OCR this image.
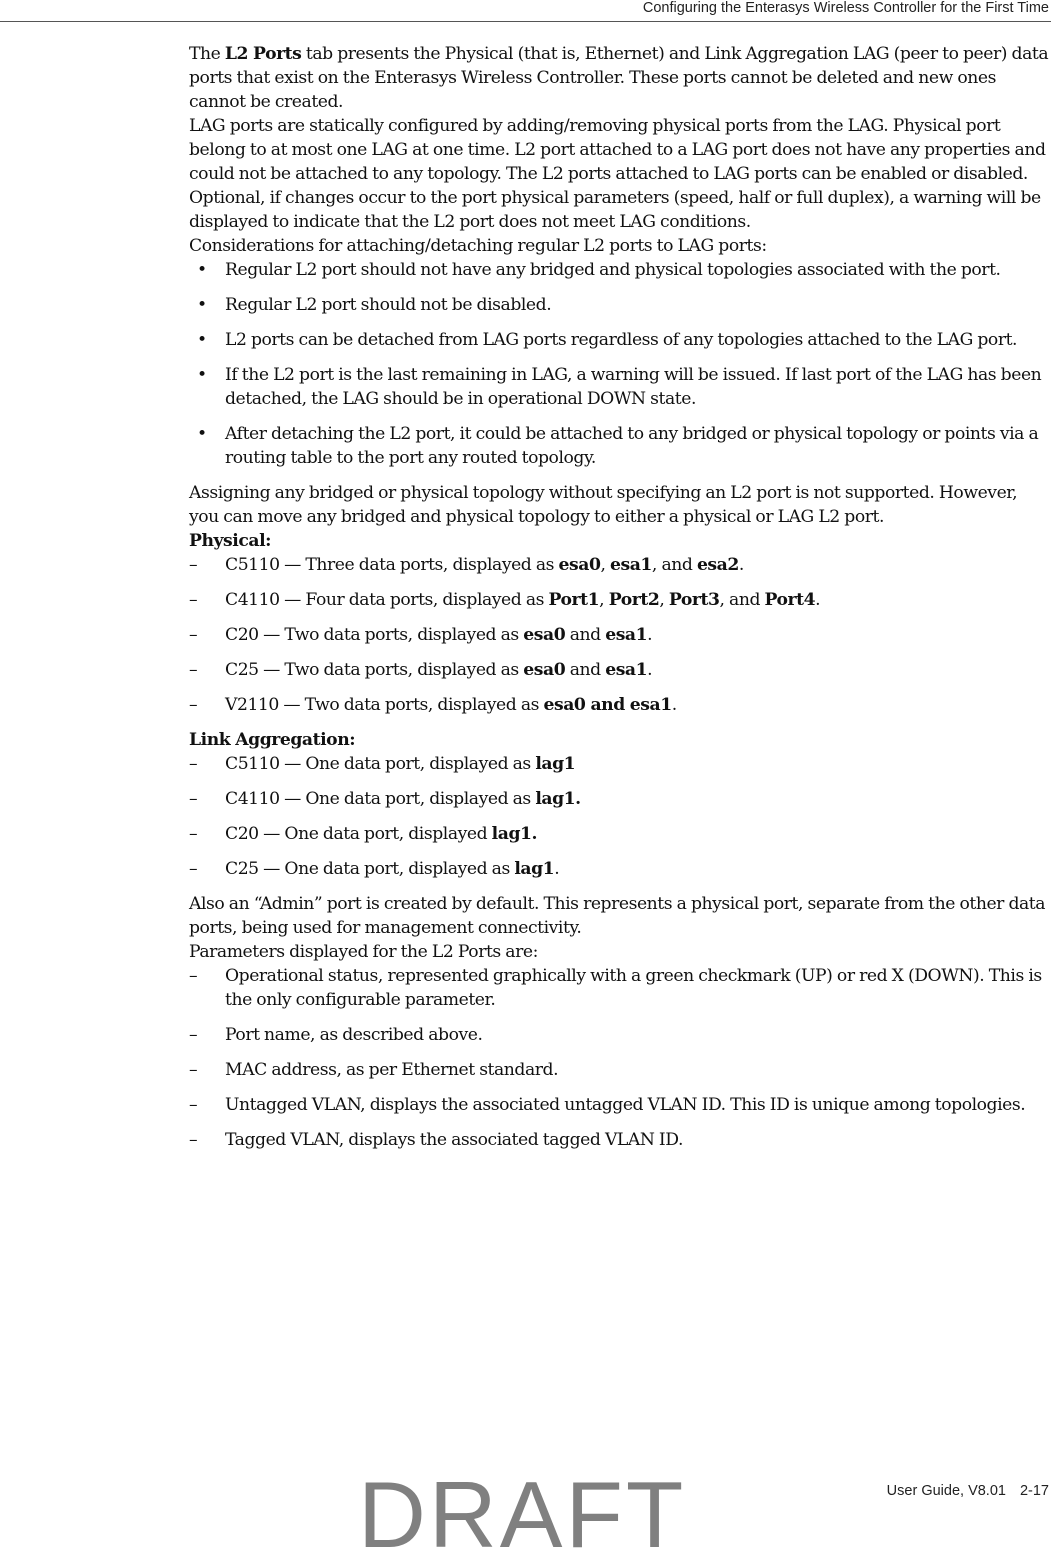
Configuring the Enterasys Wireless Controller for the First Time

The L2 Ports tab presents the Physical (that is, Ethernet) and Link Aggregation LAG (peer to peer) data ports that exist on the Enterasys Wireless Controller. These ports cannot be deleted and new ones cannot be created.

LAG ports are statically configured by adding/removing physical ports from the LAG. Physical port belong to at most one LAG at one time. L2 port attached to a LAG port does not have any properties and could not be attached to any topology. The L2 ports attached to LAG ports can be enabled or disabled. Optional, if changes occur to the port physical parameters (speed, half or full duplex), a warning will be displayed to indicate that the L2 port does not meet LAG conditions.

Considerations for attaching/detaching regular L2 ports to LAG ports:

• Regular L2 port should not have any bridged and physical topologies associated with the port.
• Regular L2 port should not be disabled.
• L2 ports can be detached from LAG ports regardless of any topologies attached to the LAG port.
• If the L2 port is the last remaining in LAG, a warning will be issued. If last port of the LAG has been detached, the LAG should be in operational DOWN state.
• After detaching the L2 port, it could be attached to any bridged or physical topology or points via a routing table to the port any routed topology.

Assigning any bridged or physical topology without specifying an L2 port is not supported. However, you can move any bridged and physical topology to either a physical or LAG L2 port.

Physical:

– C5110 — Three data ports, displayed as esa0, esa1, and esa2.
– C4110 — Four data ports, displayed as Port1, Port2, Port3, and Port4.
– C20 — Two data ports, displayed as esa0 and esa1.
– C25 — Two data ports, displayed as esa0 and esa1.
– V2110 — Two data ports, displayed as esa0 and esa1.

Link Aggregation:

– C5110 — One data port, displayed as lag1
– C4110 — One data port, displayed as lag1.
– C20 — One data port, displayed lag1.
– C25 — One data port, displayed as lag1.

Also an “Admin” port is created by default. This represents a physical port, separate from the other data ports, being used for management connectivity.

Parameters displayed for the L2 Ports are:

– Operational status, represented graphically with a green checkmark (UP) or red X (DOWN). This is the only configurable parameter.
– Port name, as described above.
– MAC address, as per Ethernet standard.
– Untagged VLAN, displays the associated untagged VLAN ID. This ID is unique among topologies.
– Tagged VLAN, displays the associated tagged VLAN ID.
User Guide, V8.01 2-17
DRAFT
